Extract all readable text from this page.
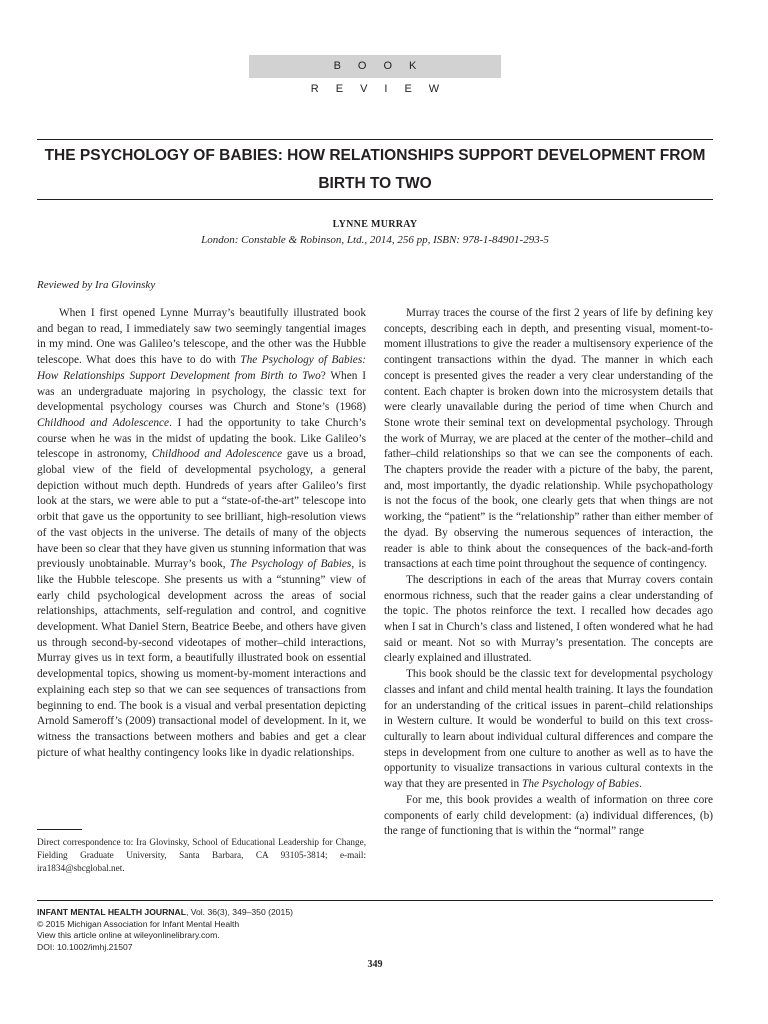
BOOK REVIEW
THE PSYCHOLOGY OF BABIES: HOW RELATIONSHIPS SUPPORT DEVELOPMENT FROM BIRTH TO TWO
LYNNE MURRAY
London: Constable & Robinson, Ltd., 2014, 256 pp, ISBN: 978-1-84901-293-5
Reviewed by Ira Glovinsky

When I first opened Lynne Murray’s beautifully illustrated book and began to read, I immediately saw two seemingly tangential images in my mind. One was Galileo’s telescope, and the other was the Hubble telescope. What does this have to do with The Psychology of Babies: How Relationships Support Development from Birth to Two? When I was an undergraduate majoring in psychology, the classic text for developmental psychology courses was Church and Stone’s (1968) Childhood and Adolescence. I had the opportunity to take Church’s course when he was in the midst of updating the book. Like Galileo’s telescope in astronomy, Childhood and Adolescence gave us a broad, global view of the field of developmental psychology, a general depiction without much depth. Hundreds of years after Galileo’s first look at the stars, we were able to put a “state-of-the-art” telescope into orbit that gave us the opportunity to see brilliant, high-resolution views of the vast objects in the universe. The details of many of the objects have been so clear that they have given us stunning information that was previously unobtainable. Murray’s book, The Psychology of Babies, is like the Hubble telescope. She presents us with a “stunning” view of early child psychological development across the areas of social relationships, attachments, self-regulation and control, and cognitive development. What Daniel Stern, Beatrice Beebe, and others have given us through second-by-second videotapes of mother–child interactions, Murray gives us in text form, a beautifully illustrated book on essential developmental topics, showing us moment-by-moment interactions and explaining each step so that we can see sequences of transactions from beginning to end. The book is a visual and verbal presentation depicting Arnold Sameroff’s (2009) transactional model of development. In it, we witness the transactions between mothers and babies and get a clear picture of what healthy contingency looks like in dyadic relationships.

Direct correspondence to: Ira Glovinsky, School of Educational Leadership for Change, Fielding Graduate University, Santa Barbara, CA 93105-3814; e-mail: ira1834@sbcglobal.net.

Murray traces the course of the first 2 years of life by defining key concepts, describing each in depth, and presenting visual, moment-to-moment illustrations to give the reader a multisensory experience of the contingent transactions within the dyad. The manner in which each concept is presented gives the reader a very clear understanding of the content. Each chapter is broken down into the microsystem details that were clearly unavailable during the period of time when Church and Stone wrote their seminal text on developmental psychology. Through the work of Murray, we are placed at the center of the mother–child and father–child relationships so that we can see the components of each. The chapters provide the reader with a picture of the baby, the parent, and, most importantly, the dyadic relationship. While psychopathology is not the focus of the book, one clearly gets that when things are not working, the “patient” is the “relationship” rather than either member of the dyad. By observing the numerous sequences of interaction, the reader is able to think about the consequences of the back-and-forth transactions at each time point throughout the sequence of contingency.

The descriptions in each of the areas that Murray covers contain enormous richness, such that the reader gains a clear understanding of the topic. The photos reinforce the text. I recalled how decades ago when I sat in Church’s class and listened, I often wondered what he had said or meant. Not so with Murray’s presentation. The concepts are clearly explained and illustrated.

This book should be the classic text for developmental psychology classes and infant and child mental health training. It lays the foundation for an understanding of the critical issues in parent–child relationships in Western culture. It would be wonderful to build on this text cross-culturally to learn about individual cultural differences and compare the steps in development from one culture to another as well as to have the opportunity to visualize transactions in various cultural contexts in the way that they are presented in The Psychology of Babies.

For me, this book provides a wealth of information on three core components of early child development: (a) individual differences, (b) the range of functioning that is within the “normal” range

INFANT MENTAL HEALTH JOURNAL, Vol. 36(3), 349–350 (2015)
© 2015 Michigan Association for Infant Mental Health
View this article online at wileyonlinelibrary.com.
DOI: 10.1002/imhj.21507
349
